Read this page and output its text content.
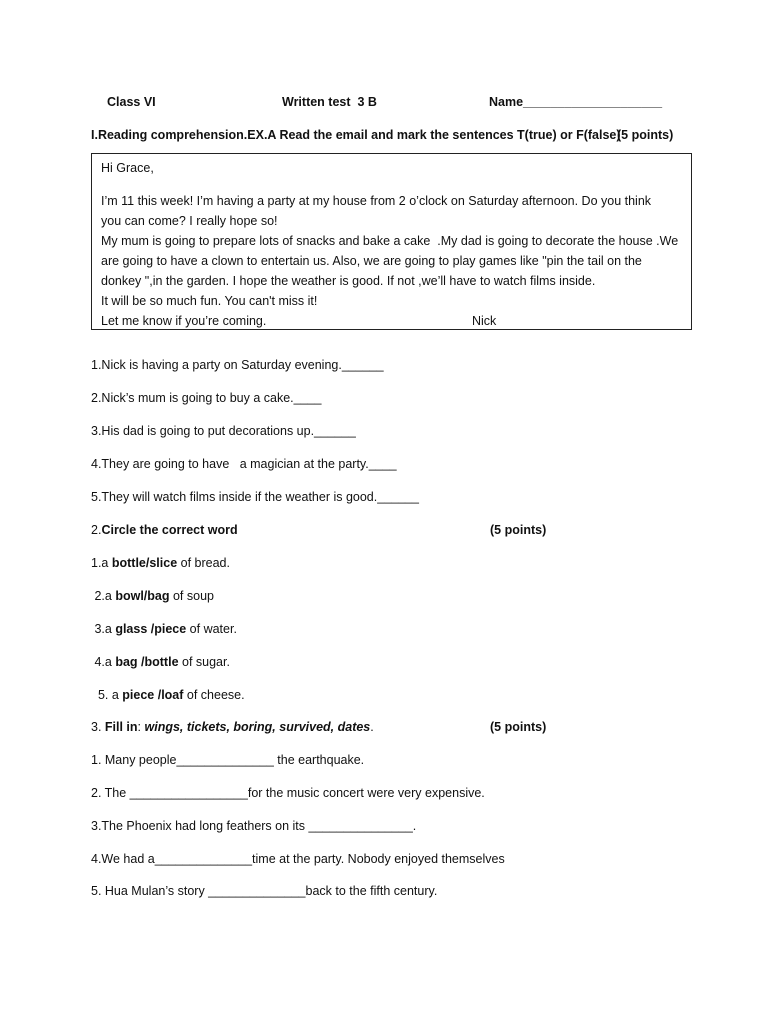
Class VI	Written test  3 B	Name____________________
I.Reading comprehension.EX.A Read the email and mark the sentences T(true) or F(false)
(5 points)
Hi Grace,
I’m 11 this week! I’m having a party at my house from 2 o’clock on Saturday afternoon. Do you think
you can come? I really hope so!
My mum is going to prepare lots of snacks and bake a cake  .My dad is going to decorate the house .We
are going to have a clown to entertain us. Also, we are going to play games like "pin the tail on the
donkey ",in the garden. I hope the weather is good. If not ,we’ll have to watch films inside.
It will be so much fun. You can't miss it!
Let me know if you’re coming.	Nick
1.Nick is having a party on Saturday evening.______
2.Nick’s mum is going to buy a cake.____
3.His dad is going to put decorations up.______
4.They are going to have   a magician at the party.____
5.They will watch films inside if the weather is good.______
2.Circle the correct word	(5 points)
1.a bottle/slice of bread.
2.a bowl/bag of soup
3.a glass /piece of water.
4.a bag /bottle of sugar.
5. a piece /loaf of cheese.
3. Fill in: wings, tickets, boring, survived, dates.	(5 points)
1. Many people______________ the earthquake.
2. The _________________for the music concert were very expensive.
3.The Phoenix had long feathers on its _______________.
4.We had a______________time at the party. Nobody enjoyed themselves
5. Hua Mulan’s story ______________back to the fifth century.
